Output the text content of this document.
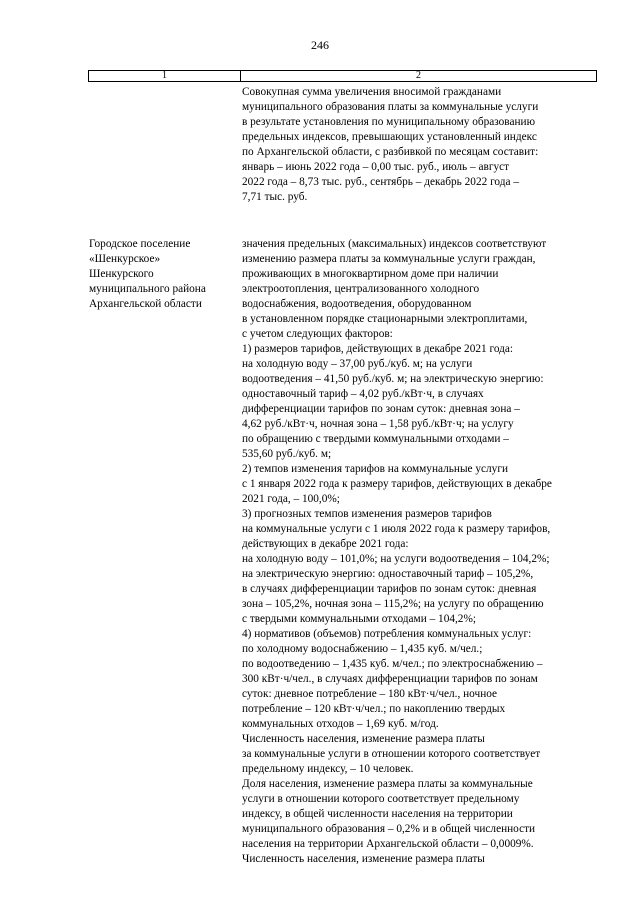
246
1	2
Совокупная сумма увеличения вносимой гражданами
муниципального образования платы за коммунальные услуги
в результате установления по муниципальному образованию
предельных индексов, превышающих установленный индекс
по Архангельской области, с разбивкой по месяцам составит:
январь – июнь 2022 года – 0,00 тыс. руб., июль – август
2022 года – 8,73 тыс. руб., сентябрь – декабрь 2022 года –
7,71 тыс. руб.
Городское поселение
«Шенкурское»
Шенкурского
муниципального района
Архангельской области
значения предельных (максимальных) индексов соответствуют
изменению размера платы за коммунальные услуги граждан,
проживающих в многоквартирном доме при наличии
электроотопления, централизованного холодного
водоснабжения, водоотведения, оборудованном
в установленном порядке стационарными электроплитами,
с учетом следующих факторов:
1) размеров тарифов, действующих в декабре 2021 года:
на холодную воду – 37,00 руб./куб. м; на услуги
водоотведения – 41,50 руб./куб. м; на электрическую энергию:
одноставочный тариф – 4,02 руб./кВт·ч, в случаях
дифференциации тарифов по зонам суток: дневная зона –
4,62 руб./кВт·ч, ночная зона – 1,58 руб./кВт·ч; на услугу
по обращению с твердыми коммунальными отходами –
535,60 руб./куб. м;
2) темпов изменения тарифов на коммунальные услуги
с 1 января 2022 года к размеру тарифов, действующих в декабре
2021 года, – 100,0%;
3) прогнозных темпов изменения размеров тарифов
на коммунальные услуги с 1 июля 2022 года к размеру тарифов,
действующих в декабре 2021 года:
на холодную воду – 101,0%; на услуги водоотведения – 104,2%;
на электрическую энергию: одноставочный тариф – 105,2%,
в случаях дифференциации тарифов по зонам суток: дневная
зона – 105,2%, ночная зона – 115,2%; на услугу по обращению
с твердыми коммунальными отходами – 104,2%;
4) нормативов (объемов) потребления коммунальных услуг:
по холодному водоснабжению – 1,435 куб. м/чел.;
по водоотведению – 1,435 куб. м/чел.; по электроснабжению –
300 кВт·ч/чел., в случаях дифференциации тарифов по зонам
суток: дневное потребление – 180 кВт·ч/чел., ночное
потребление – 120 кВт·ч/чел.; по накоплению твердых
коммунальных отходов – 1,69 куб. м/год.
Численность населения, изменение размера платы
за коммунальные услуги в отношении которого соответствует
предельному индексу, – 10 человек.
Доля населения, изменение размера платы за коммунальные
услуги в отношении которого соответствует предельному
индексу, в общей численности населения на территории
муниципального образования – 0,2% и в общей численности
населения на территории Архангельской области – 0,0009%.
Численность населения, изменение размера платы
